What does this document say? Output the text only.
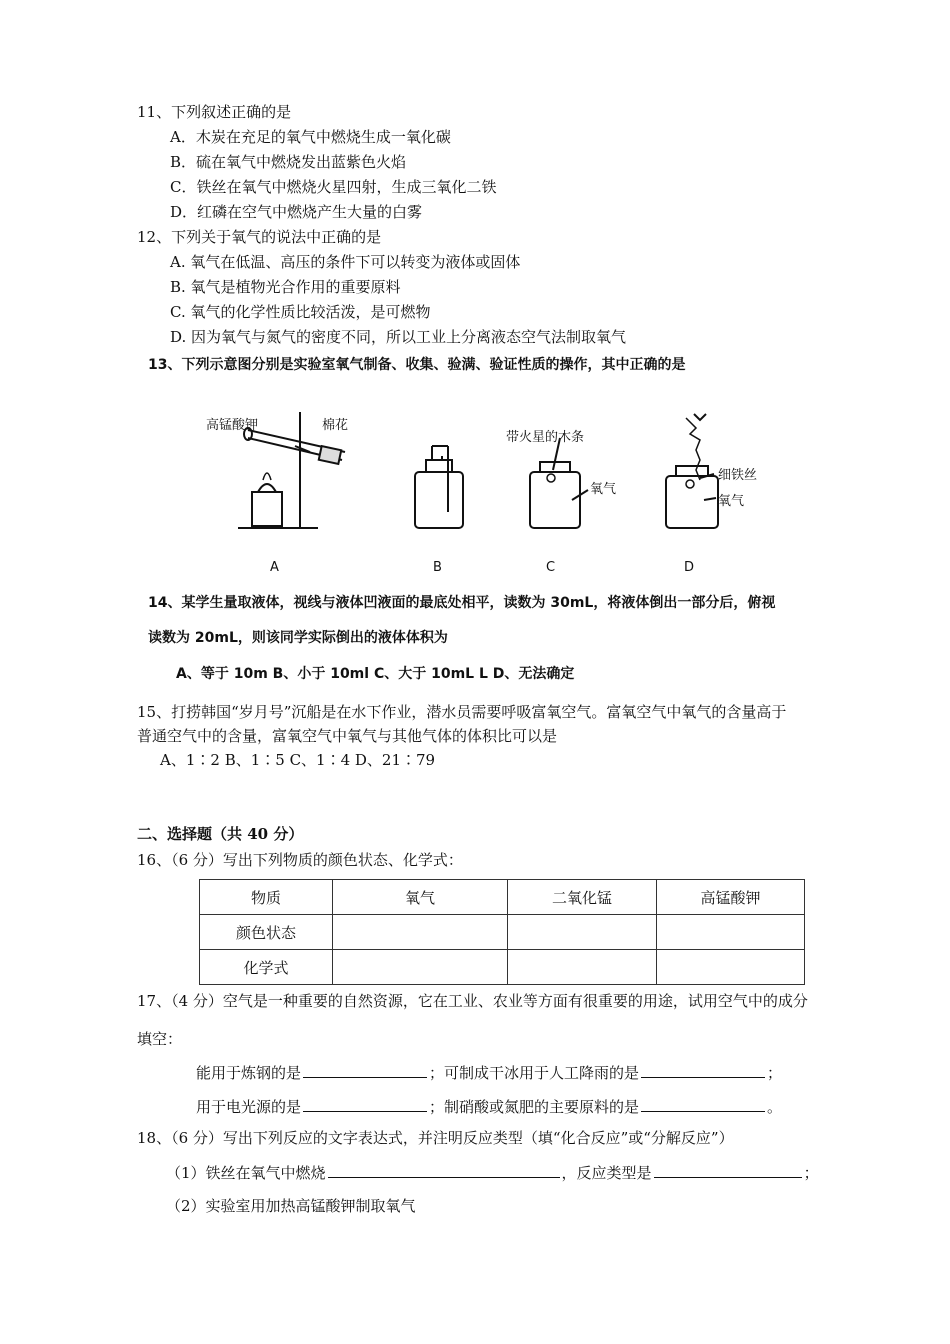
11、下列叙述正确的是
A．木炭在充足的氧气中燃烧生成一氧化碳
B．硫在氧气中燃烧发出蓝紫色火焰
C．铁丝在氧气中燃烧火星四射，生成三氧化二铁
D．红磷在空气中燃烧产生大量的白雾
12、下列关于氧气的说法中正确的是
A. 氧气在低温、高压的条件下可以转变为液体或固体
B. 氧气是植物光合作用的重要原料
C. 氧气的化学性质比较活泼，是可燃物
D. 因为氧气与氮气的密度不同，所以工业上分离液态空气法制取氧气
13、下列示意图分别是实验室氧气制备、收集、验满、验证性质的操作，其中正确的是
高锰酸钾	棉花
带火星的木条
氧气
细铁丝
氧气
A	B	C	D
14、某学生量取液体，视线与液体凹液面的最底处相平，读数为 30mL，将液体倒出一部分后，俯视
读数为 20mL，则该同学实际倒出的液体体积为
A、等于 10m B、小于 10ml C、大于 10mL L D、无法确定
15、打捞韩国“岁月号”沉船是在水下作业，潜水员需要呼吸富氧空气。富氧空气中氧气的含量高于
普通空气中的含量，富氧空气中氧气与其他气体的体积比可以是
A、1∶2 B、1∶5 C、1∶4 D、21∶79
二、选择题（共 40 分）
16、（6 分）写出下列物质的颜色状态、化学式：
物质	氧气	二氧化锰	高锰酸钾
颜色状态			
化学式			
17、（4 分）空气是一种重要的自然资源，它在工业、农业等方面有很重要的用途，试用空气中的成分
填空：
能用于炼钢的是	；可制成干冰用于人工降雨的是	；
用于电光源的是	；制硝酸或氮肥的主要原料的是	。
18、（6 分）写出下列反应的文字表达式，并注明反应类型（填“化合反应”或“分解反应”）
（1）铁丝在氧气中燃烧	，反应类型是	；
（2）实验室用加热高锰酸钾制取氧气
